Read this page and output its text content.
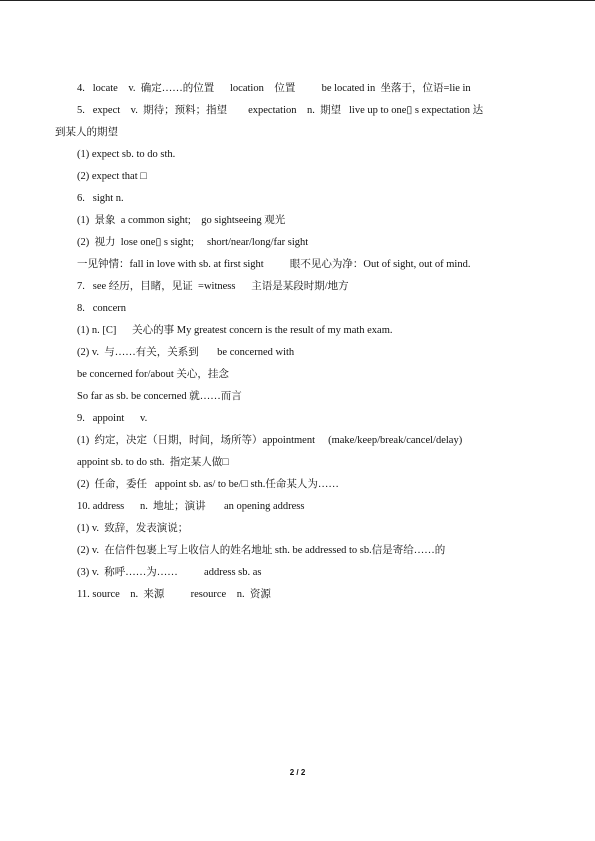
4.   locate    v.  确定……的位置      location    位置          be located in  坐落于，位语=lie in
5.   expect    v.  期待；预料；指望        expectation    n.  期望   live up to one▯ s expectation 达
到某人的期望
(1) expect sb. to do sth.
(2) expect that □
6.   sight n.
(1)  景象  a common sight;    go sightseeing 观光
(2)  视力  lose one▯ s sight;     short/near/long/far sight
一见钟情：fall in love with sb. at first sight          眼不见心为净：Out of sight, out of mind.
7.   see 经历，目睹，见证  =witness      主语是某段时期/地方
8.   concern
(1) n. [C]      关心的事 My greatest concern is the result of my math exam.
(2) v.  与……有关，关系到       be concerned with
be concerned for/about 关心，挂念
So far as sb. be concerned 就……而言
9.   appoint      v.
(1)  约定，决定（日期，时间，场所等）appointment     (make/keep/break/cancel/delay)
appoint sb. to do sth.  指定某人做□
(2)  任命，委任   appoint sb. as/ to be/□ sth.任命某人为……
10. address      n.  地址；演讲       an opening address
(1) v.  致辞，发表演说；
(2) v.  在信件包裹上写上收信人的姓名地址 sth. be addressed to sb.信是寄给……的
(3) v.  称呼……为……          address sb. as
11. source    n.  来源          resource    n.  资源
2 / 2
